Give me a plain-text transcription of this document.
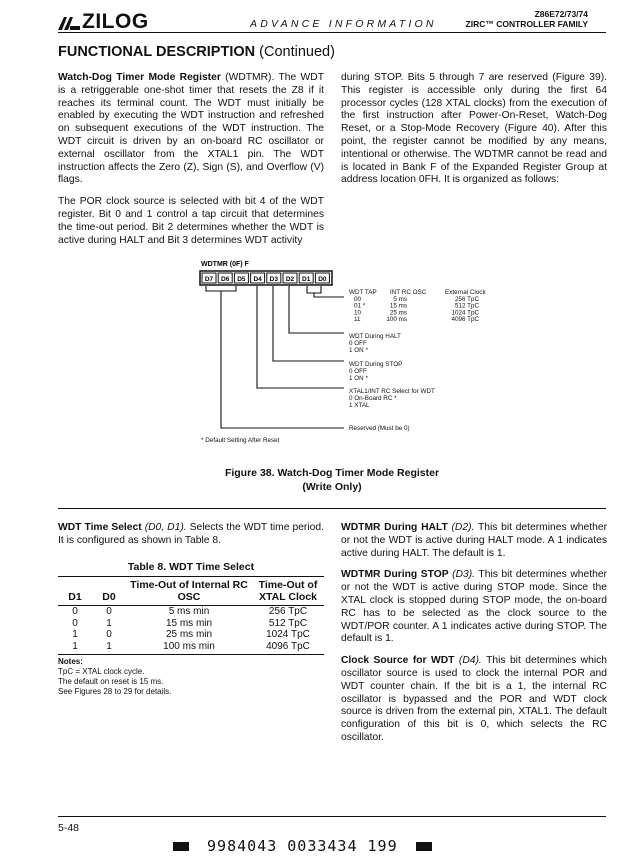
ZILOG	ADVANCE INFORMATION
Z86E72/73/74
ZIRC™ CONTROLLER FAMILY
FUNCTIONAL DESCRIPTION (Continued)

Watch-Dog Timer Mode Register (WDTMR). The WDT is a retriggerable one-shot timer that resets the Z8 if it reaches its terminal count. The WDT must initially be enabled by executing the WDT instruction and refreshed on subsequent executions of the WDT instruction. The WDT circuit is driven by an on-board RC oscillator or external oscillator from the XTAL1 pin. The WDT instruction affects the Zero (Z), Sign (S), and Overflow (V) flags.

The POR clock source is selected with bit 4 of the WDT register. Bit 0 and 1 control a tap circuit that determines the time-out period. Bit 2 determines whether the WDT is active during HALT and Bit 3 determines WDT activity

during STOP. Bits 5 through 7 are reserved (Figure 39). This register is accessible only during the first 64 processor cycles (128 XTAL clocks) from the execution of the first instruction after Power-On-Reset, Watch-Dog Reset, or a Stop-Mode Recovery (Figure 40). After this point, the register cannot be modified by any means, intentional or otherwise. The WDTMR cannot be read and is located in Bank F of the Expanded Register Group at address location 0FH. It is organized as follows:

WDTMR (0F) F
D7 D6 D5 D4 D3 D2 D1 D0
WDT TAP INT RC OSC	External Clock
00	5 ms	256 TpC
01 *	15 ms	512 TpC
10	25 ms	1024 TpC
11	100 ms	4096 TpC
WDT During HALT
0 OFF
1 ON *
WDT During STOP
0 OFF
1 ON *
XTAL1/INT RC Select for WDT
0 On-Board RC *
1 XTAL
Reserved (Must be 0)
* Default Setting After Reset
Figure 38. Watch-Dog Timer Mode Register
(Write Only)

WDT Time Select (D0, D1). Selects the WDT time period. It is configured as shown in Table 8.

Table 8. WDT Time Select
D1	D0	Time-Out of Internal RC OSC	Time-Out of XTAL Clock
0	0	5 ms min	256 TpC
0	1	15 ms min	512 TpC
1	0	25 ms min	1024 TpC
1	1	100 ms min	4096 TpC
Notes:
TpC = XTAL clock cycle.
The default on reset is 15 ms.
See Figures 28 to 29 for details.

WDTMR During HALT (D2). This bit determines whether or not the WDT is active during HALT mode. A 1 indicates active during HALT. The default is 1.

WDTMR During STOP (D3). This bit determines whether or not the WDT is active during STOP mode. Since the XTAL clock is stopped during STOP mode, the on-board RC has to be selected as the clock source to the WDT/POR counter. A 1 indicates active during STOP. The default is 1.

Clock Source for WDT (D4). This bit determines which oscillator source is used to clock the internal POR and WDT counter chain. If the bit is a 1, the internal RC oscillator is bypassed and the POR and WDT clock source is driven from the external pin, XTAL1. The default configuration of this bit is 0, which selects the RC oscillator.

5-48
9984043 0033434 199
